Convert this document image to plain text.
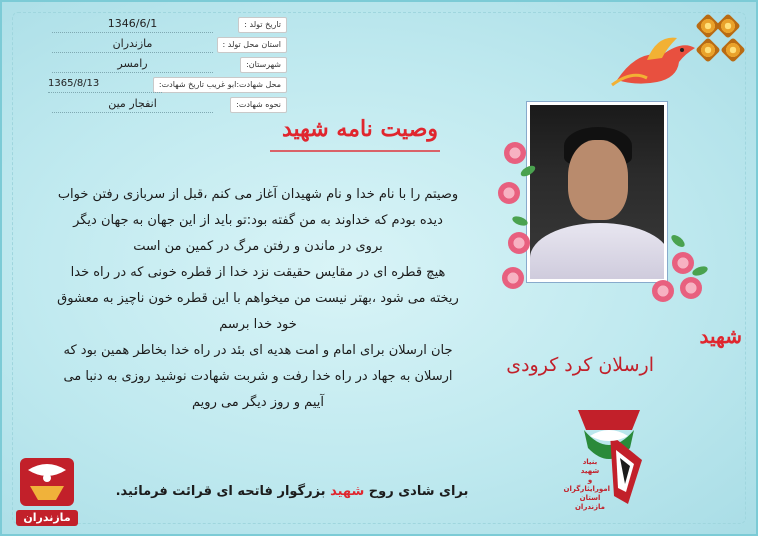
تاریخ تولد :
1346/6/1
استان محل تولد :
مازندران
شهرستان:
رامسر
محل شهادت:ابو غریب تاریخ شهادت:
1365/8/13
نحوه شهادت:
انفجار مین

وصیت نامه شهید

وصیتم را با نام خدا و نام شهیدان آغاز می کنم ،قبل از سربازی رفتن خواب

دیده بودم که خداوند به من گفته بود:تو باید از این جهان به جهان دیگر

بروی در ماندن و رفتن مرگ در کمین من است

هیچ قطره ای در مقایس حقیقت نزد خدا از قطره خونی که در راه خدا

ریخته می شود ،بهتر نیست من میخواهم با این قطره خون ناچیز به معشوق

خود خدا برسم

جان ارسلان برای امام و امت هدیه ای بئد در راه خدا بخاطر همین بود که

ارسلان به جهاد در راه خدا رفت و شربت شهادت نوشید روزی به دنبا می

آییم و روز دیگر می رویم

شهید
ارسلان کرد کرودی
بنیاد
شهید
و امورایثارگران
استان مازندران
برای شادی روح شهید بزرگوار فاتحه ای قرائت فرمائید.
مازندران
